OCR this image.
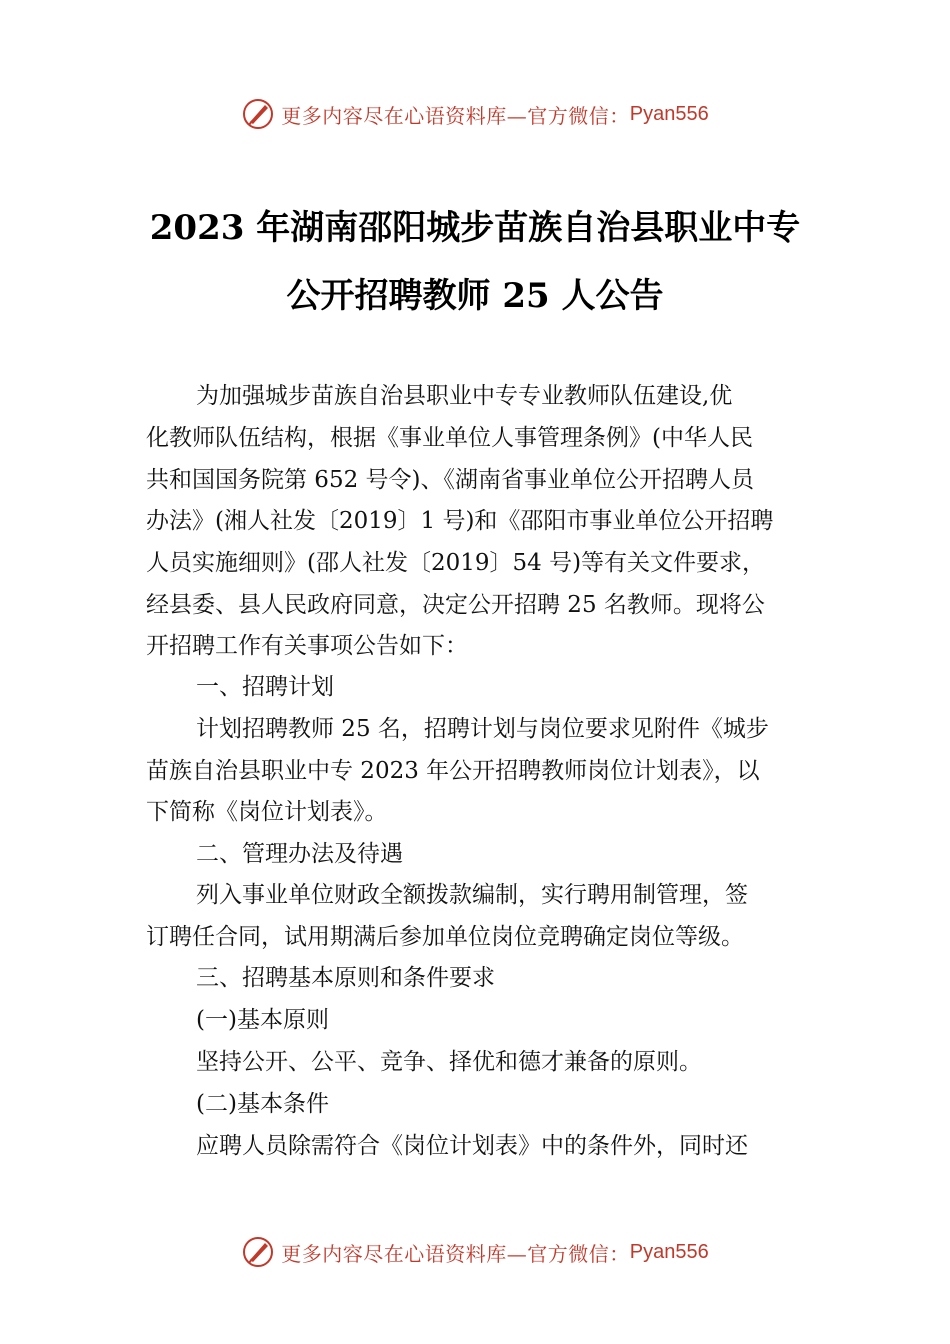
更多内容尽在心语资料库—官方微信： Pyan556
2023 年湖南邵阳城步苗族自治县职业中专
公开招聘教师 25 人公告
为加强城步苗族自治县职业中专专业教师队伍建设,优
化教师队伍结构，根据《事业单位人事管理条例》(中华人民
共和国国务院第 652 号令)、《湖南省事业单位公开招聘人员
办法》(湘人社发〔2019〕1 号)和《邵阳市事业单位公开招聘
人员实施细则》(邵人社发〔2019〕54 号)等有关文件要求，
经县委、县人民政府同意，决定公开招聘 25 名教师。现将公
开招聘工作有关事项公告如下：
一、招聘计划
计划招聘教师 25 名，招聘计划与岗位要求见附件《城步
苗族自治县职业中专 2023 年公开招聘教师岗位计划表》，以
下简称《岗位计划表》。
二、管理办法及待遇
列入事业单位财政全额拨款编制，实行聘用制管理，签
订聘任合同，试用期满后参加单位岗位竞聘确定岗位等级。
三、招聘基本原则和条件要求
(一)基本原则
坚持公开、公平、竞争、择优和德才兼备的原则。
(二)基本条件
应聘人员除需符合《岗位计划表》中的条件外，同时还
更多内容尽在心语资料库—官方微信： Pyan556
